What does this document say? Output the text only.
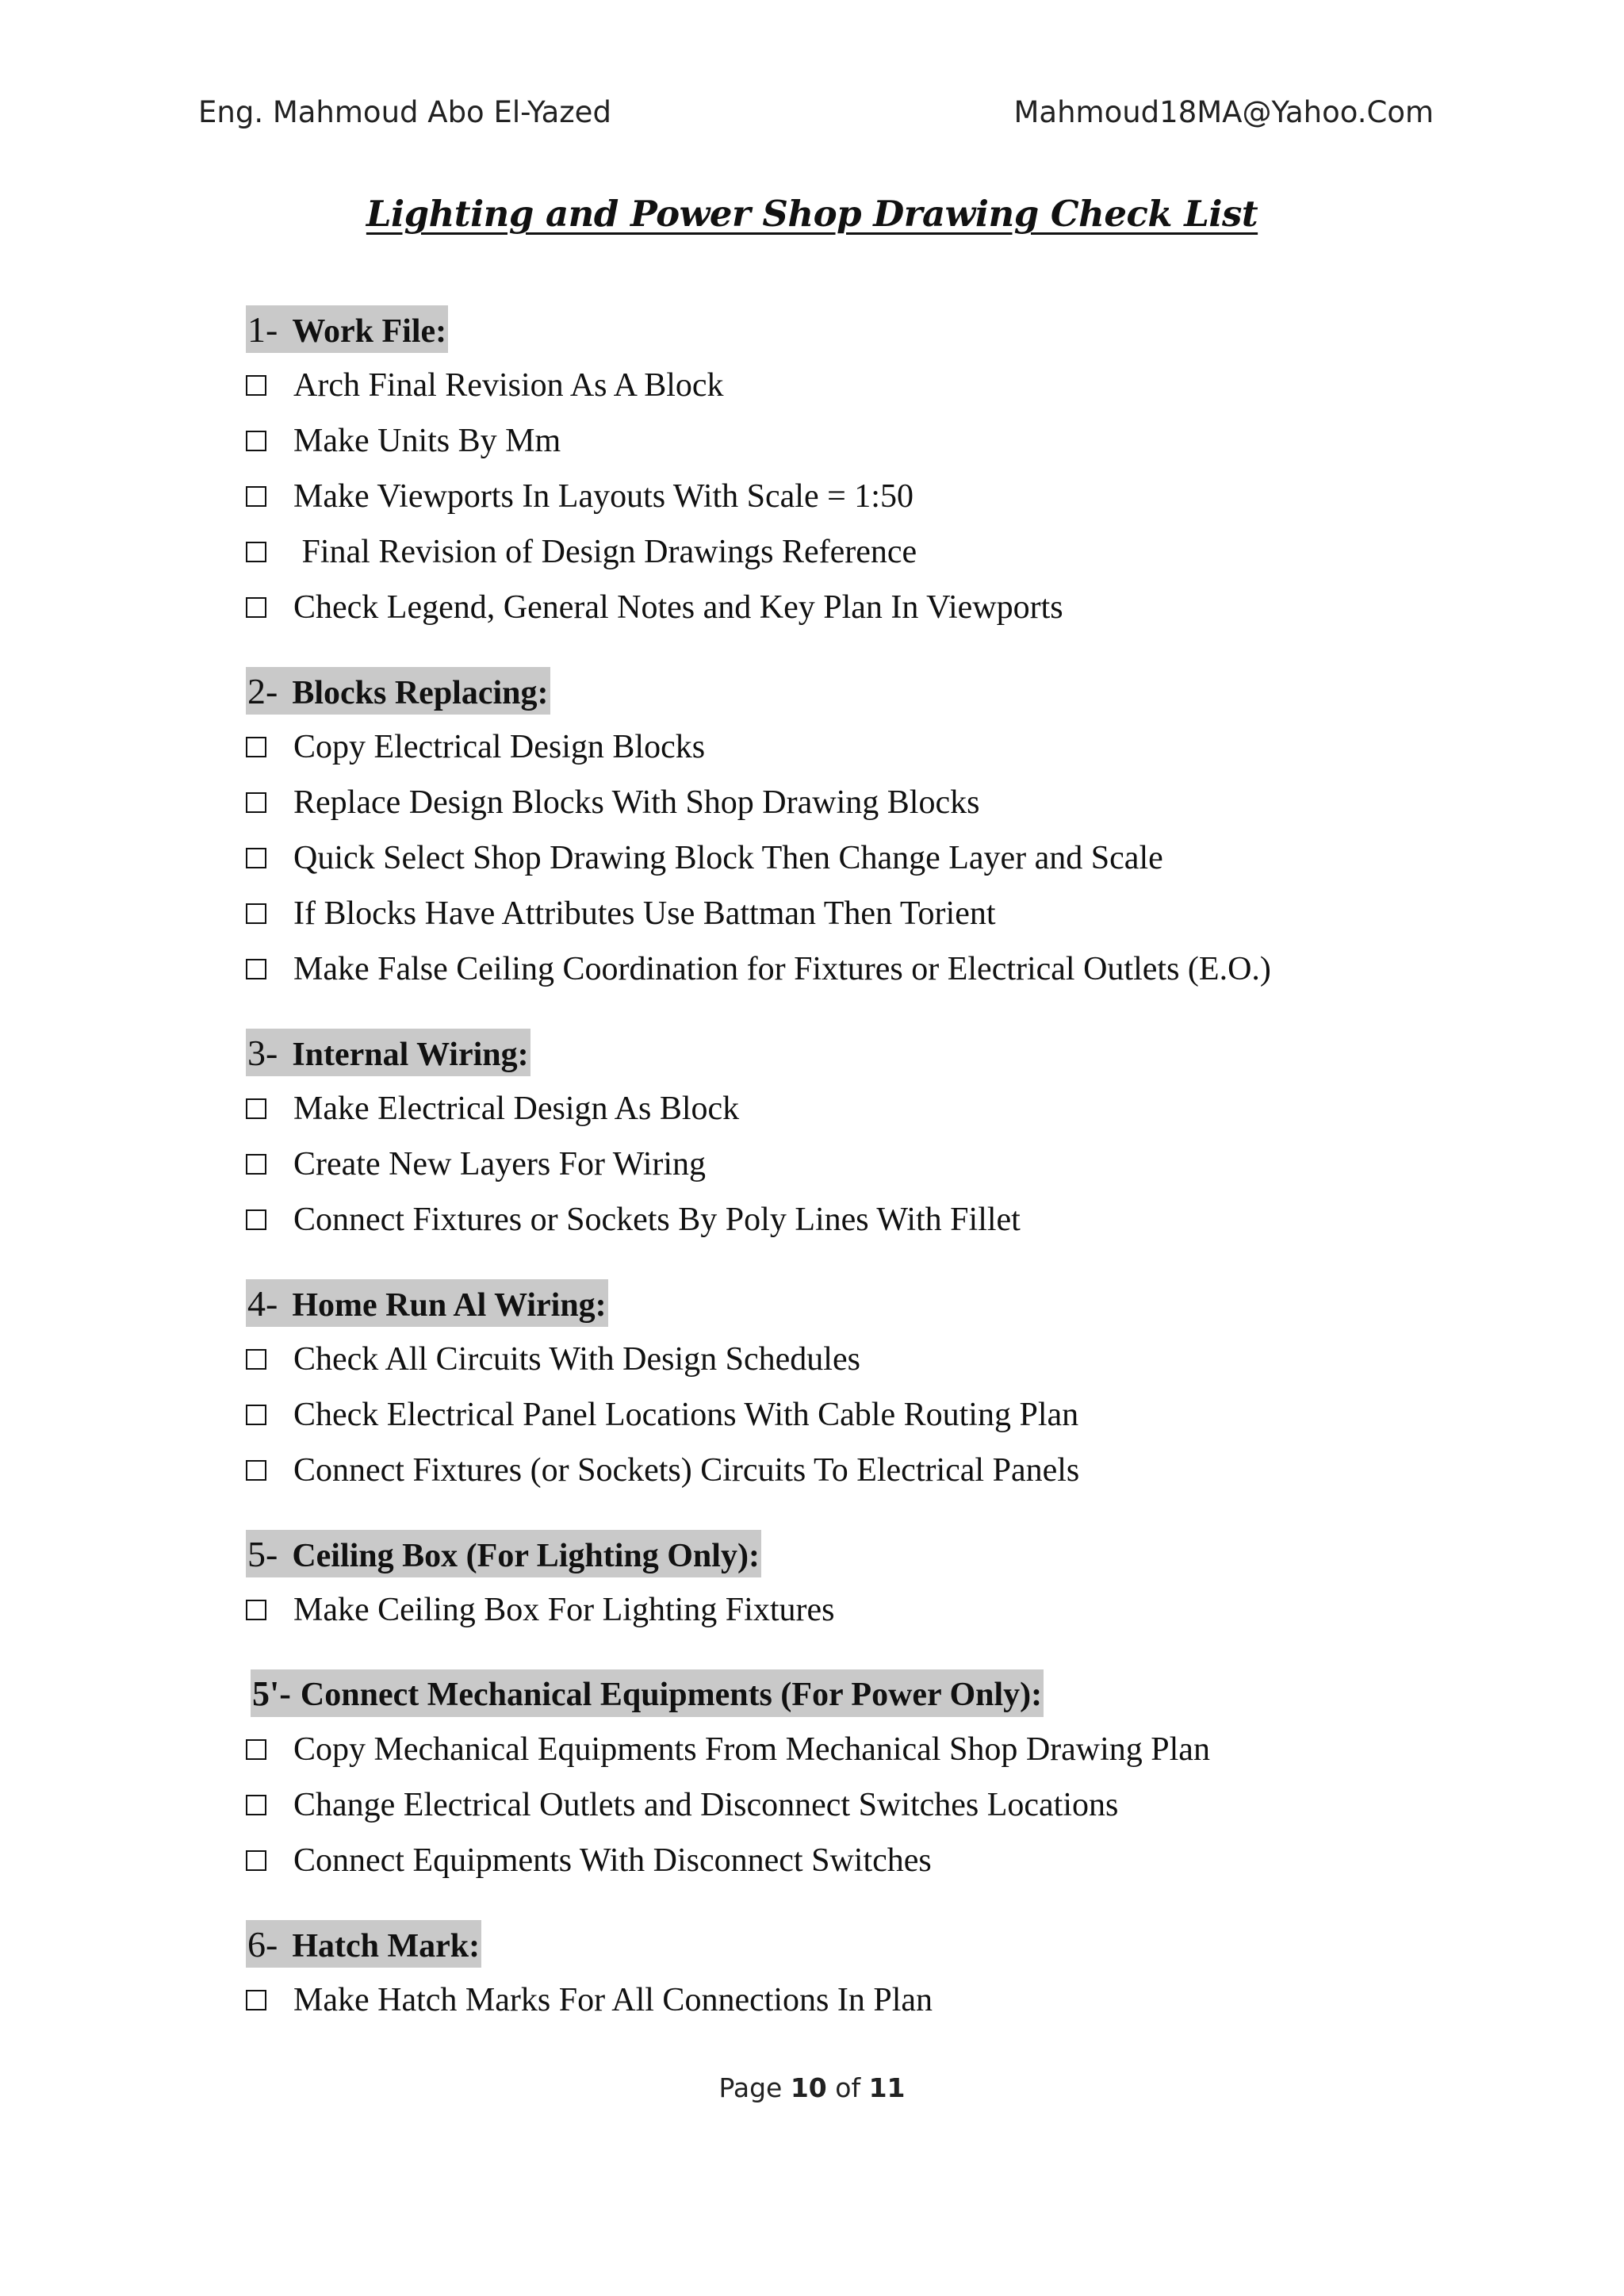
Eng. Mahmoud Abo El-Yazed	Mahmoud18MA@Yahoo.Com
Lighting and Power Shop Drawing Check List
1- Work File:
Arch Final Revision As A Block
Make Units By Mm
Make Viewports In Layouts With Scale = 1:50
Final Revision of Design Drawings Reference
Check Legend, General Notes and Key Plan In Viewports
2- Blocks Replacing:
Copy Electrical Design Blocks
Replace Design Blocks With Shop Drawing Blocks
Quick Select Shop Drawing Block Then Change Layer and Scale
If Blocks Have Attributes Use Battman Then Torient
Make False Ceiling Coordination for Fixtures or Electrical Outlets (E.O.)
3- Internal Wiring:
Make Electrical Design As Block
Create New Layers For Wiring
Connect Fixtures or Sockets By Poly Lines With Fillet
4- Home Run Al Wiring:
Check All Circuits With Design Schedules
Check Electrical Panel Locations With Cable Routing Plan
Connect Fixtures (or Sockets) Circuits To Electrical Panels
5- Ceiling Box (For Lighting Only):
Make Ceiling Box For Lighting Fixtures
5'- Connect Mechanical Equipments (For Power Only):
Copy Mechanical Equipments From Mechanical Shop Drawing Plan
Change Electrical Outlets and Disconnect Switches Locations
Connect Equipments With Disconnect Switches
6- Hatch Mark:
Make Hatch Marks For All Connections In Plan
Page 10 of 11
